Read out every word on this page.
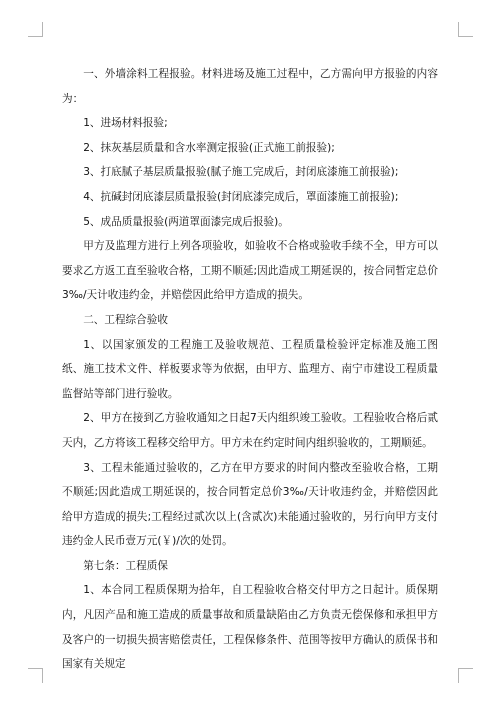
一、外墙涂料工程报验。材料进场及施工过程中，乙方需向甲方报验的内容为：

1、进场材料报验;

2、抹灰基层质量和含水率测定报验(正式施工前报验);

3、打底腻子基层质量报验(腻子施工完成后，封闭底漆施工前报验);

4、抗碱封闭底漆层质量报验(封闭底漆完成后，罩面漆施工前报验);

5、成品质量报验(两道罩面漆完成后报验)。

甲方及监理方进行上列各项验收，如验收不合格或验收手续不全，甲方可以要求乙方返工直至验收合格，工期不顺延;因此造成工期延误的，按合同暂定总价3‰/天计收违约金，并赔偿因此给甲方造成的损失。

二、工程综合验收

1、以国家颁发的工程施工及验收规范、工程质量检验评定标准及施工图纸、施工技术文件、样板要求等为依据，由甲方、监理方、南宁市建设工程质量监督站等部门进行验收。

2、甲方在接到乙方验收通知之日起7天内组织竣工验收。工程验收合格后贰天内，乙方将该工程移交给甲方。甲方未在约定时间内组织验收的，工期顺延。

3、工程未能通过验收的，乙方在甲方要求的时间内整改至验收合格，工期不顺延;因此造成工期延误的，按合同暂定总价3‰/天计收违约金，并赔偿因此给甲方造成的损失;工程经过贰次以上(含贰次)未能通过验收的，另行向甲方支付违约金人民币壹万元(￥)/次的处罚。

第七条：工程质保

1、本合同工程质保期为拾年，自工程验收合格交付甲方之日起计。质保期内，凡因产品和施工造成的质量事故和质量缺陷由乙方负责无偿保修和承担甲方及客户的一切损失损害赔偿责任，工程保修条件、范围等按甲方确认的质保书和国家有关规定
